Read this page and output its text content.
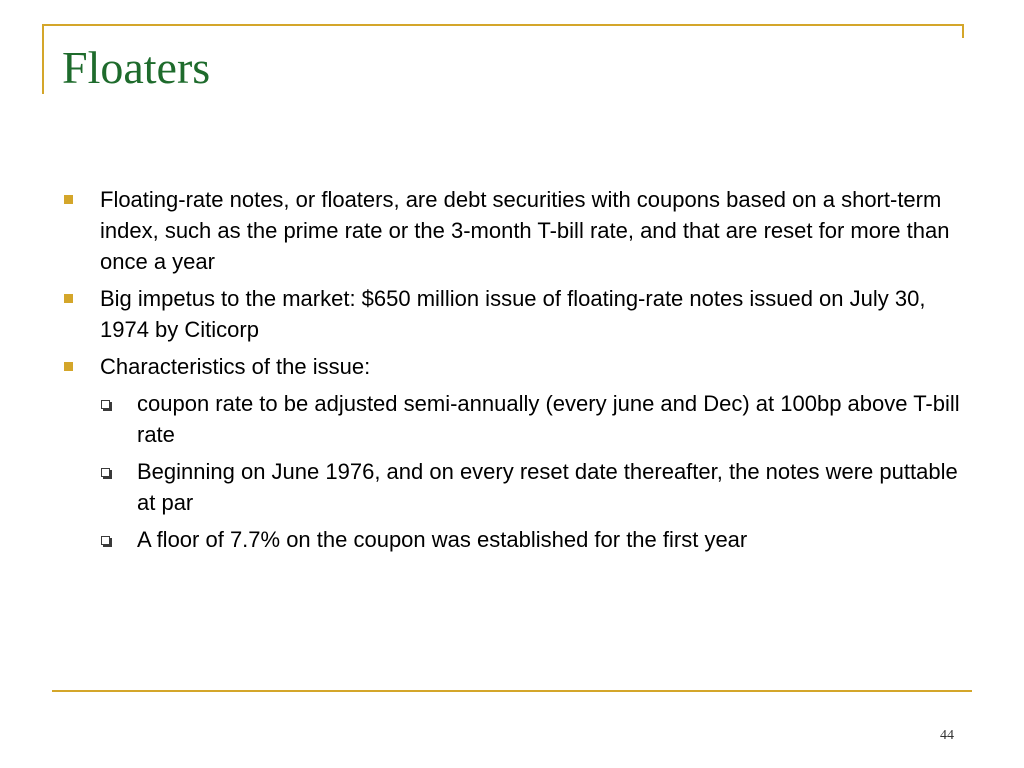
Floaters
Floating-rate notes, or floaters, are debt securities with coupons based on a short-term index, such as the prime rate or the 3-month T-bill rate, and that are reset for more than once a year
Big impetus to the market: $650 million issue of floating-rate notes issued on July 30, 1974 by Citicorp
Characteristics of the issue:
coupon rate to be adjusted semi-annually (every june and Dec) at 100bp above T-bill rate
Beginning on June 1976, and on every reset date thereafter, the notes were puttable at par
A floor of 7.7% on the coupon was established for the first year
44
